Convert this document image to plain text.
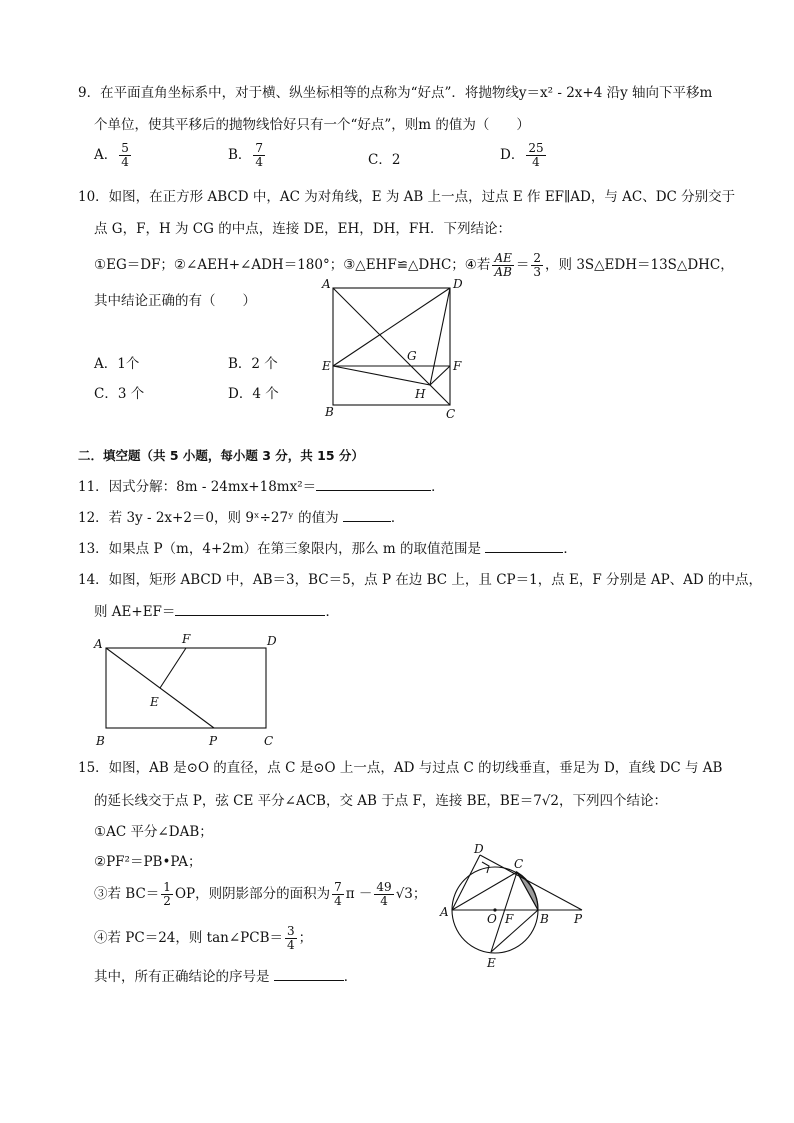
9．在平面直角坐标系中，对于横、纵坐标相等的点称为“好点”．将抛物线y＝x² - 2x+4 沿y 轴向下平移m
个单位，使其平移后的抛物线恰好只有一个“好点”，则m 的值为（　　）
A． $\frac{5}{4}$	B． $\frac{7}{4}$	C．2	D． $\frac{25}{4}$
10．如图，在正方形 ABCD 中，AC 为对角线，E 为 AB 上一点，过点 E 作 EF∥AD，与 AC、DC 分别交于
点 G，F，H 为 CG 的中点，连接 DE，EH，DH，FH．下列结论：
①EG＝DF；②∠AEH+∠ADH＝180°；③△EHF≌△DHC；④若 $\frac{AE}{AB} = \frac{2}{3}$ ，则 3S△EDH＝13S△DHC，
其中结论正确的有（　　）
A．1个	B．2 个
C．3 个	D．4 个
A	D
E
G
F
H
B	C
二．填空题（共 5 小题，每小题 3 分，共 15 分）
11．因式分解：8m - 24mx+18mx²＝	．
12．若 3y - 2x+2＝0，则 9ˣ÷27ʸ 的值为	．
13．如果点 P（m，4+2m）在第三象限内，那么 m 的取值范围是	．
14．如图，矩形 ABCD 中，AB＝3，BC＝5，点 P 在边 BC 上，且 CP＝1，点 E，F 分别是 AP、AD 的中点，
则 AE+EF＝	．
A	F	D
E
B	P	C
15．如图，AB 是⊙O 的直径，点 C 是⊙O 上一点，AD 与过点 C 的切线垂直，垂足为 D，直线 DC 与 AB
的延长线交于点 P，弦 CE 平分∠ACB，交 AB 于点 F，连接 BE，BE＝7√2，下列四个结论：
①AC 平分∠DAB；
②PF²＝PB•PA；
③若 $BC= \frac{1}{2}$ OP，则阴影部分的面积为 $\frac{7}{4}$ $\pi - \frac{49}{4} √3$；
④若 PC＝24，则 tan∠PCB＝ $\frac{3}{4}$ ；
其中，所有正确结论的序号是	．
D
C
A	O F B P
E
